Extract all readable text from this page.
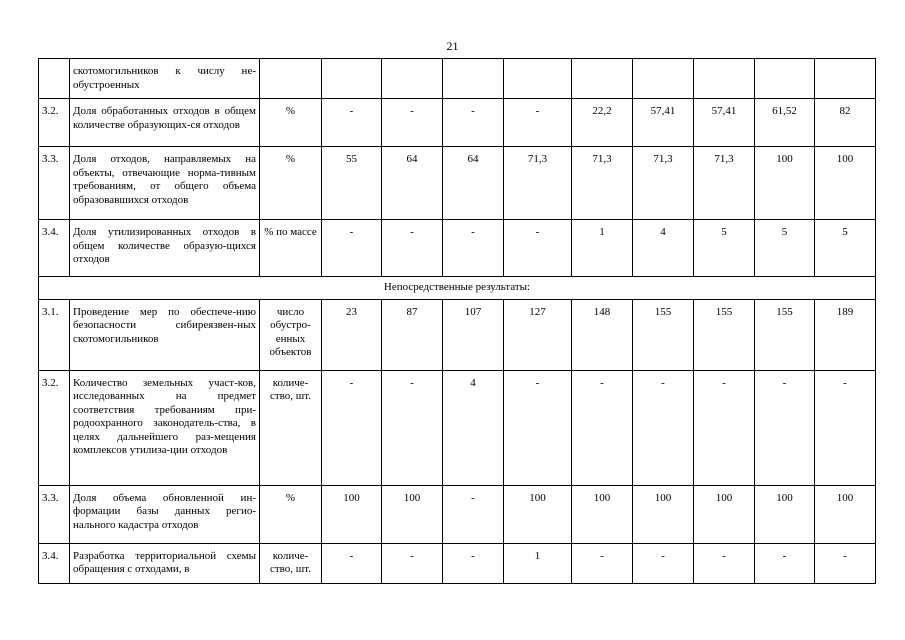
21
	скотомогильников к числу не-обустроенных										
3.2.	Доля обработанных отходов в общем количестве образующих-ся отходов	%	-	-	-	-	22,2	57,41	57,41	61,52	82
3.3.	Доля отходов, направляемых на объекты, отвечающие норма-тивным требованиям, от общего объема образовавшихся отходов	%	55	64	64	71,3	71,3	71,3	71,3	100	100
3.4.	Доля утилизированных отходов в общем количестве образую-щихся отходов	% по массе	-	-	-	-	1	4	5	5	5
Непосредственные результаты:											
3.1.	Проведение мер по обеспече-нию безопасности сибиреязвен-ных скотомогильников	число обустро-енных объектов	23	87	107	127	148	155	155	155	189
3.2.	Количество земельных участ-ков, исследованных на предмет соответствия требованиям при-родоохранного законодатель-ства, в целях дальнейшего раз-мещения комплексов утилиза-ции отходов	количе-ство, шт.	-	-	4	-	-	-	-	-	-
3.3.	Доля объема обновленной ин-формации базы данных регио-нального кадастра отходов	%	100	100	-	100	100	100	100	100	100
3.4.	Разработка территориальной схемы обращения с отходами, в	количе-ство, шт.	-	-	-	1	-	-	-	-	-
